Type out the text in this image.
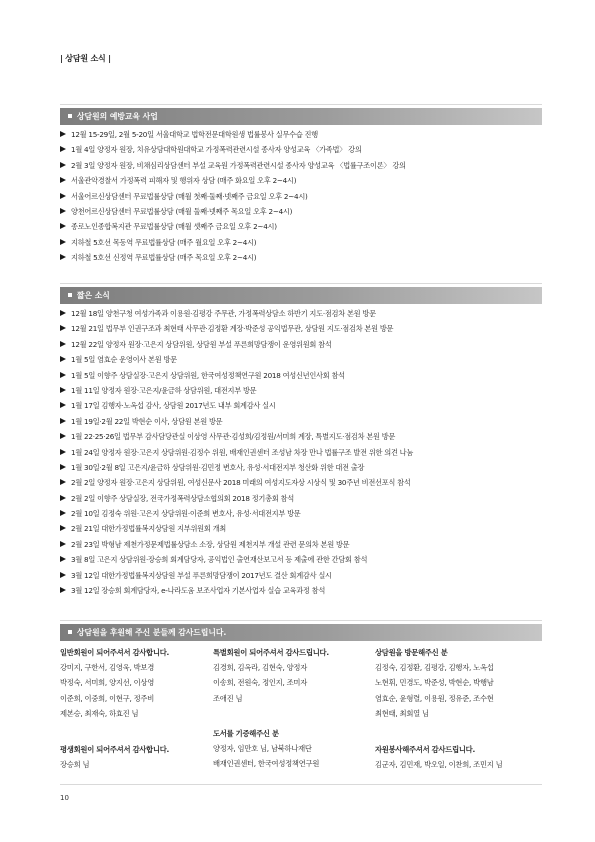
| 상담원 소식 |
상담원의 예방교육 사업
12월 15-29일, 2월 5-20일 서울대학교 법학전문대학원생 법률봉사 실무수습 진행
1월 4일 양정자 원장, 치유상담대학원대학교 가정폭력관련시설 종사자 양성교육 〈가족법〉 강의
2월 3일 양정자 원장, 비채심리상담센터 부설 교육원 가정폭력관련시설 종사자 양성교육 〈법률구조이론〉 강의
서울관악경찰서 가정폭력 피해자 및 행위자 상담 (매주 화요일 오후 2~4시)
서울어르신상담센터 무료법률상담 (매월 첫째·둘째·넷째주 금요일 오후 2~4시)
양천어르신상담센터 무료법률상담 (매월 둘째·넷째주 목요일 오후 2~4시)
종로노인종합복지관 무료법률상담 (매월 셋째주 금요일 오후 2~4시)
지하철 5호선 목동역 무료법률상담 (매주 월요일 오후 2~4시)
지하철 5호선 신정역 무료법률상담 (매주 목요일 오후 2~4시)
짧은 소식
12월 18일 양천구청 여성가족과 이용원·김평강 주무관, 가정폭력상담소 하반기 지도·점검차 본원 방문
12월 21일 법무부 인권구조과 최현태 사무관·김정환 계장·박준성 공익법무관, 상담원 지도·점검차 본원 방문
12월 22일 양정자 원장·고은지 상담위원, 상담원 부설 푸른희망담쟁이 운영위원회 참석
1월 5일 염효순 운영이사 본원 방문
1월 5일 이향주 상담실장·고은지 상담위원, 한국여성정책연구원 2018 여성신년인사회 참석
1월 11일 양정자 원장·고은지/윤금하 상담위원, 대전지부 방문
1월 17일 김행자·노옥섭 감사, 상담원 2017년도 내부 회계감사 실시
1월 19일·2월 22일 박현순 이사, 상담원 본원 방문
1월 22·25·26일 법무부 감사담당관실 이상영 사무관·김성희/김정원/서미희 계장, 특별지도·점검차 본원 방문
1월 24일 양정자 원장·고은지 상담위원·김정수 위원, 배재인권센터 조성남 차장 만나 법률구조 발전 위한 의견 나눔
1월 30일·2월 8일 고은지/윤금하 상담위원·김민정 변호사, 유성·서대전지부 청산화 위한 대전 출장
2월 2일 양정자 원장·고은지 상담위원, 여성신문사 2018 미래의 여성지도자상 시상식 및 30주년 비전선포식 참석
2월 2일 이향주 상담실장, 전국가정폭력상담소협의회 2018 정기총회 참석
2월 10일 김정숙 위원·고은지 상담위원·이준희 변호사, 유성·서대전지부 방문
2월 21일 대한가정법률복지상담원 지부위원회 개최
2월 23일 박형남 제천가정문제법률상담소 소장, 상담원 제천지부 개설 관련 문의차 본원 방문
3월 8일 고은지 상담위원·장승희 회계담당자, 공익법인 출연재산보고서 등 제출에 관한 간담회 참석
3월 12일 대한가정법률복지상담원 부설 푸른희망담쟁이 2017년도 결산 회계감사 실시
3월 12일 장승희 회계담당자, e-나라도움 보조사업자 기본사업자 실습 교육과정 참석
상담원을 후원해 주신 분들께 감사드립니다.
일반회원이 되어주셔서 감사합니다.
강미지, 구한서, 김영욱, 박보경
박정숙, 서미희, 양지선, 이상영
이준희, 이중희, 이현구, 정주비
제본승, 최재숙, 하효진 님
특별회원이 되어주셔서 감사드립니다.
김경희, 김옥라, 김현숙, 양정자
이송희, 전원숙, 정인지, 조미자
조애진 님
상담원을 방문해주신 분
김정숙, 김정환, 김평강, 김행자, 노옥섭
노현휘, 민경도, 박준성, 박현순, 박행남
염효순, 윤형렬, 이용원, 정유준, 조수현
최현태, 최회열 님
평생회원이 되어주셔서 감사합니다.
장승희 님
도서를 기증해주신 분
양정자, 임만호 님, 남북하나재단
배재인권센터, 한국여성정책연구원
자원봉사해주셔서 감사드립니다.
김군자, 김민재, 박오일, 이찬희, 조민지 님
10
